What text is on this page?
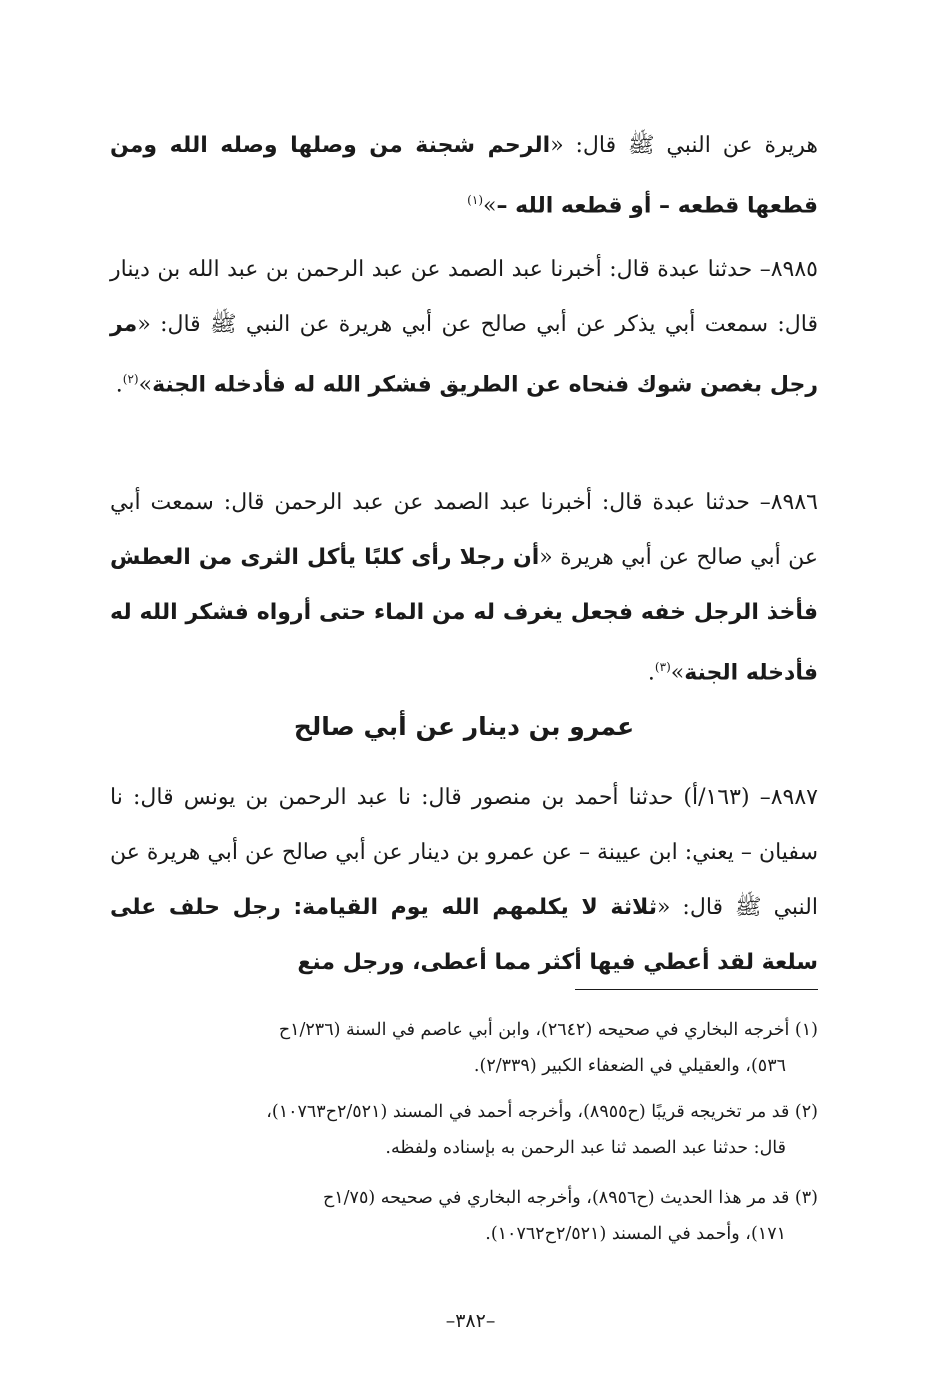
هريرة عن النبي ﷺ قال: «الرحم شجنة من وصلها وصله الله ومن قطعها قطعه – أو قطعه الله –»$^{(١)}$

٨٩٨٥– حدثنا عبدة قال: أخبرنا عبد الصمد عن عبد الرحمن بن عبد الله بن دينار قال: سمعت أبي يذكر عن أبي صالح عن أبي هريرة عن النبي ﷺ قال: «مر رجل بغصن شوك فنحاه عن الطريق فشكر الله له فأدخله الجنة»$^{(٢)}$.

٨٩٨٦– حدثنا عبدة قال: أخبرنا عبد الصمد عن عبد الرحمن قال: سمعت أبي عن أبي صالح عن أبي هريرة «أن رجلا رأى كلبًا يأكل الثرى من العطش فأخذ الرجل خفه فجعل يغرف له من الماء حتى أرواه فشكر الله له فأدخله الجنة»$^{(٣)}$.

عمرو بن دينار عن أبي صالح

٨٩٨٧– (١٦٣/أ) حدثنا أحمد بن منصور قال: نا عبد الرحمن بن يونس قال: نا سفيان – يعني: ابن عيينة – عن عمرو بن دينار عن أبي صالح عن أبي هريرة عن النبي ﷺ قال: «ثلاثة لا يكلمهم الله يوم القيامة: رجل حلف على سلعة لقد أعطي فيها أكثر مما أعطى، ورجل منع

(١) أخرجه البخاري في صحيحه (٢٦٤٢)، وابن أبي عاصم في السنة (١/٢٣٦ح
٥٣٦)، والعقيلي في الضعفاء الكبير (٢/٣٣٩).
(٢) قد مر تخريجه قريبًا (ح٨٩٥٥)، وأخرجه أحمد في المسند (٢/٥٢١ح١٠٧٦٣)،
قال: حدثنا عبد الصمد ثنا عبد الرحمن به بإسناده ولفظه.
(٣) قد مر هذا الحديث (ح٨٩٥٦)، وأخرجه البخاري في صحيحه (١/٧٥ح
١٧١)، وأحمد في المسند (٢/٥٢١ح١٠٧٦٢).
–٣٨٢–
